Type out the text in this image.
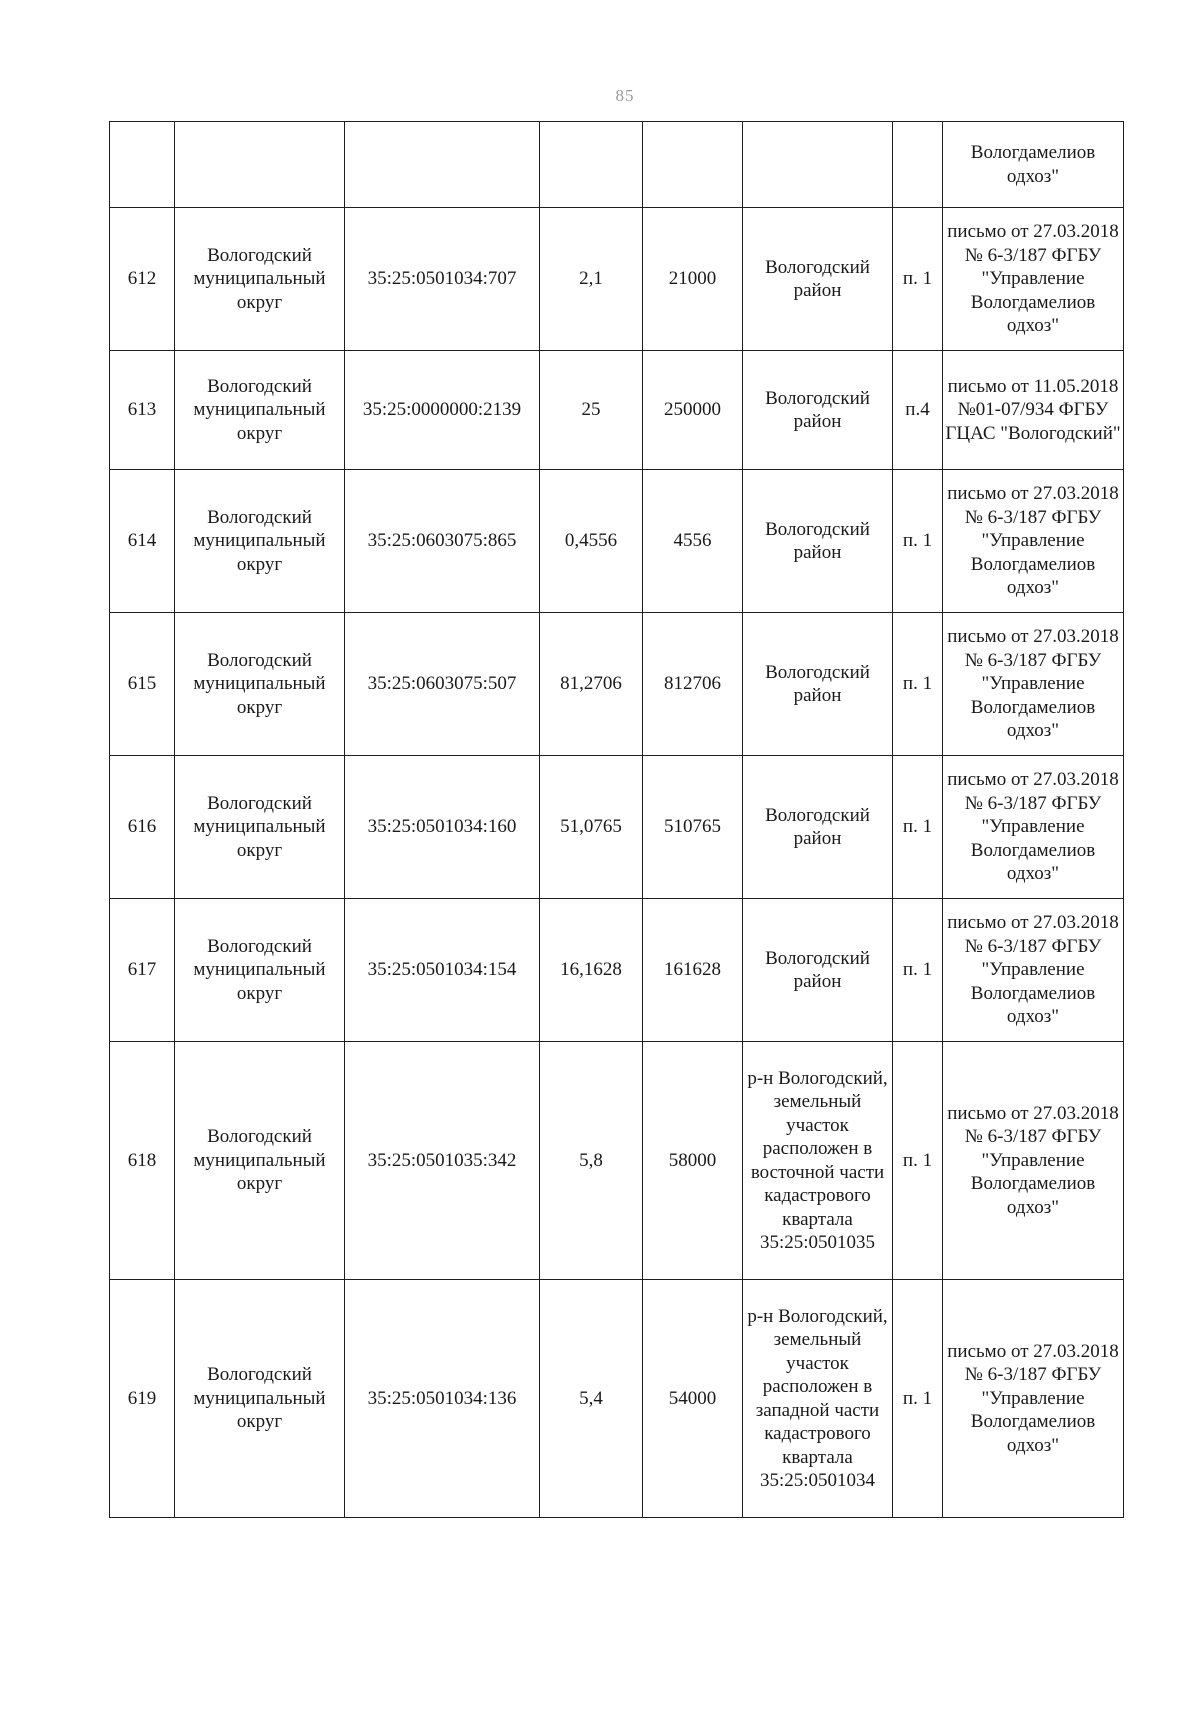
85
							Вологдамелиов одхоз"
612	Вологодский муниципальный округ	35:25:0501034:707	2,1	21000	Вологодский район	п. 1	письмо от 27.03.2018 № 6-3/187 ФГБУ "Управление Вологдамелиов одхоз"
613	Вологодский муниципальный округ	35:25:0000000:2139	25	250000	Вологодский район	п.4	письмо от 11.05.2018 №01-07/934 ФГБУ ГЦАС "Вологодский"
614	Вологодский муниципальный округ	35:25:0603075:865	0,4556	4556	Вологодский район	п. 1	письмо от 27.03.2018 № 6-3/187 ФГБУ "Управление Вологдамелиов одхоз"
615	Вологодский муниципальный округ	35:25:0603075:507	81,2706	812706	Вологодский район	п. 1	письмо от 27.03.2018 № 6-3/187 ФГБУ "Управление Вологдамелиов одхоз"
616	Вологодский муниципальный округ	35:25:0501034:160	51,0765	510765	Вологодский район	п. 1	письмо от 27.03.2018 № 6-3/187 ФГБУ "Управление Вологдамелиов одхоз"
617	Вологодский муниципальный округ	35:25:0501034:154	16,1628	161628	Вологодский район	п. 1	письмо от 27.03.2018 № 6-3/187 ФГБУ "Управление Вологдамелиов одхоз"
618	Вологодский муниципальный округ	35:25:0501035:342	5,8	58000	р-н Вологодский, земельный участок расположен в восточной части кадастрового квартала 35:25:0501035	п. 1	письмо от 27.03.2018 № 6-3/187 ФГБУ "Управление Вологдамелиов одхоз"
619	Вологодский муниципальный округ	35:25:0501034:136	5,4	54000	р-н Вологодский, земельный участок расположен в западной части кадастрового квартала 35:25:0501034	п. 1	письмо от 27.03.2018 № 6-3/187 ФГБУ "Управление Вологдамелиов одхоз"
